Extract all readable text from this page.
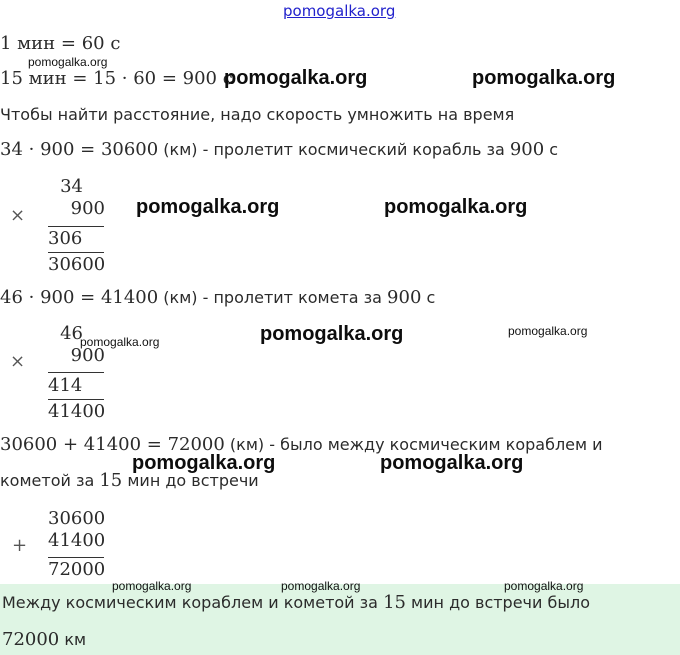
pomogalka.org
1 мин = 60 с
pomogalka.org
15 мин = 15 · 60 = 900 с
pomogalka.org	pomogalka.org
Чтобы найти расстояние, надо скорость умножить на время
34 · 900 = 30600 (км) - пролетит космический корабль за 900 с
×
34
900
306
30600
pomogalka.org	pomogalka.org
46 · 900 = 41400 (км) - пролетит комета за 900 с
×
46
900
pomogalka.org
414
41400
pomogalka.org	pomogalka.org
30600 + 41400 = 72000 (км) - было между космическим кораблем и
pomogalka.org	pomogalka.org
кометой за 15 мин до встречи
+
30600
41400
72000
Между космическим кораблем и кометой за 15 мин до встречи было
72000 км
pomogalka.org	pomogalka.org	pomogalka.org
